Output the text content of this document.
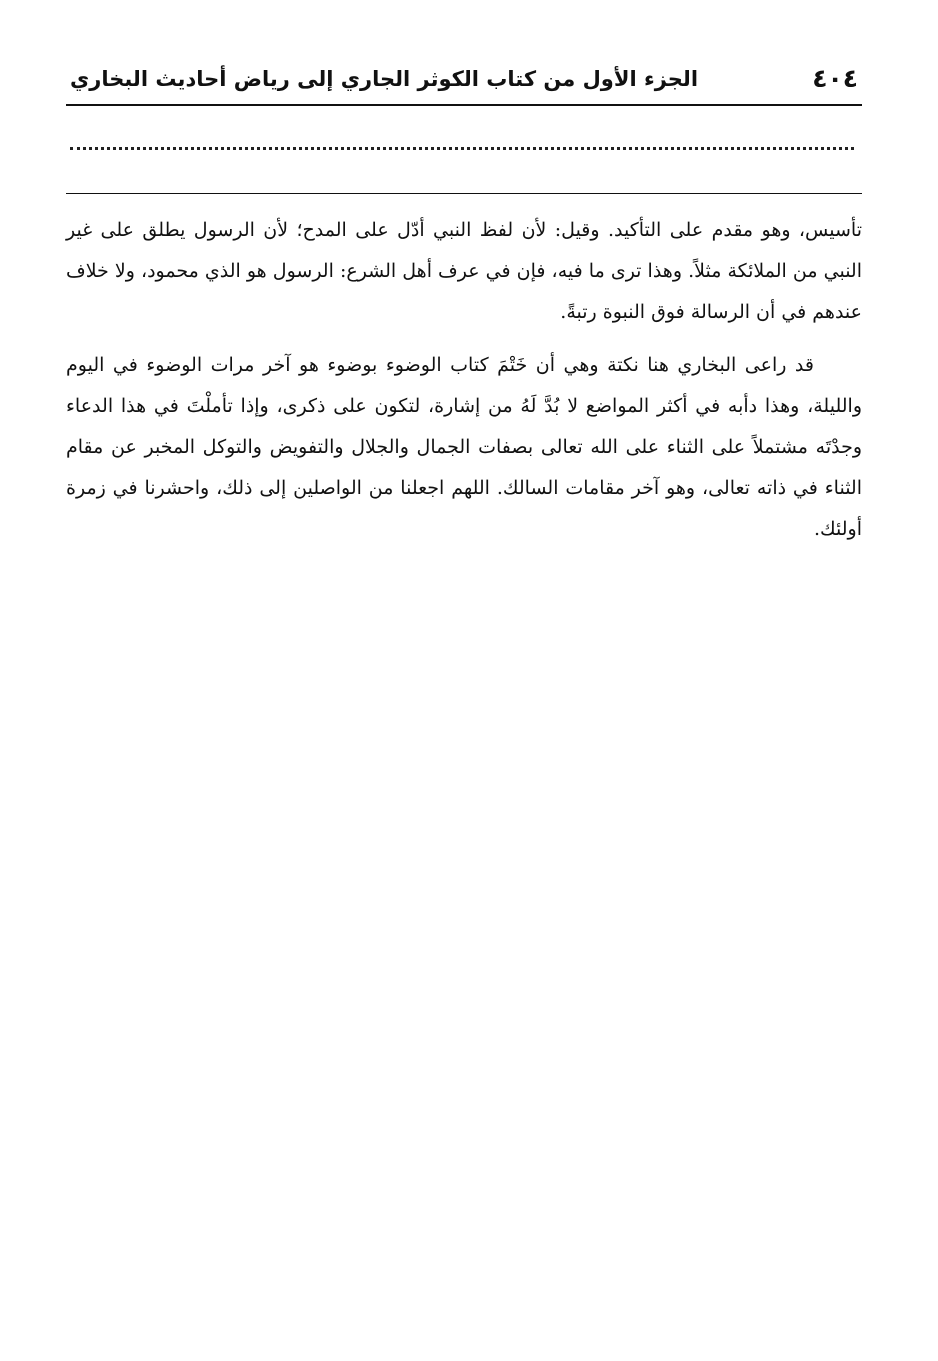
٤٠٤
الجزء الأول من كتاب الكوثر الجاري إلى رياض أحاديث البخاري

تأسيس، وهو مقدم على التأكيد. وقيل: لأن لفظ النبي أدّل على المدح؛ لأن الرسول يطلق على غير النبي من الملائكة مثلاً. وهذا ترى ما فيه، فإن في عرف أهل الشرع: الرسول هو الذي محمود، ولا خلاف عندهم في أن الرسالة فوق النبوة رتبةً.

قد راعى البخاري هنا نكتة وهي أن خَتْمَ كتاب الوضوء بوضوء هو آخر مرات الوضوء في اليوم والليلة، وهذا دأبه في أكثر المواضع لا بُدَّ لَهُ من إشارة، لتكون على ذكرى، وإذا تأملْتَ في هذا الدعاء وجدْتَه مشتملاً على الثناء على الله تعالى بصفات الجمال والجلال والتفويض والتوكل المخبر عن مقام الثناء في ذاته تعالى، وهو آخر مقامات السالك. اللهم اجعلنا من الواصلين إلى ذلك، واحشرنا في زمرة أولئك.
